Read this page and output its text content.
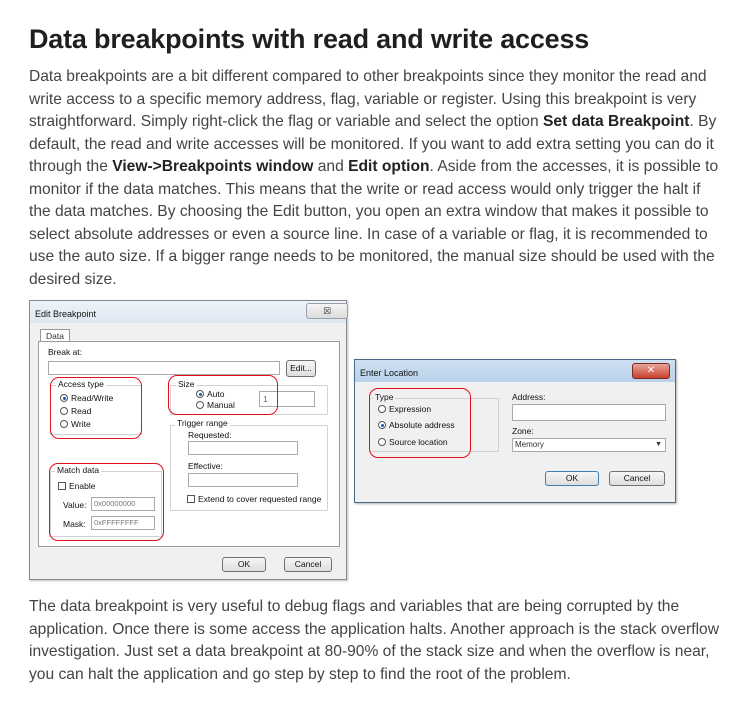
Data breakpoints with read and write access

Data breakpoints are a bit different compared to other breakpoints since they monitor the read and write access to a specific memory address, flag, variable or register. Using this breakpoint is very straightforward. Simply right-click the flag or variable and select the option Set data Breakpoint. By default, the read and write accesses will be monitored. If you want to add extra setting you can do it through the View->Breakpoints window and Edit option. Aside from the accesses, it is possible to monitor if the data matches. This means that the write or read access would only trigger the halt if the data matches. By choosing the Edit button, you open an extra window that makes it possible to select absolute addresses or even a source line. In case of a variable or flag, it is recommended to use the auto size. If a bigger range needs to be monitored, the manual size should be used with the desired size.

Edit Breakpoint	☒
Data
Break at:
Edit...
Access type
Read/Write
Read
Write
Size
Auto
Manual
1
Trigger range
Requested:
Effective:
Extend to cover requested range
Match data
Enable
Value:	0x00000000
Mask:	0xFFFFFFFF
OK	Cancel
Enter Location	✕
Type
Expression
Absolute address
Source location
Address:
Zone:
Memory	▼
OK	Cancel

The data breakpoint is very useful to debug flags and variables that are being corrupted by the application. Once there is some access the application halts. Another approach is the stack overflow investigation. Just set a data breakpoint at 80-90% of the stack size and when the overflow is near, you can halt the application and go step by step to find the root of the problem.
